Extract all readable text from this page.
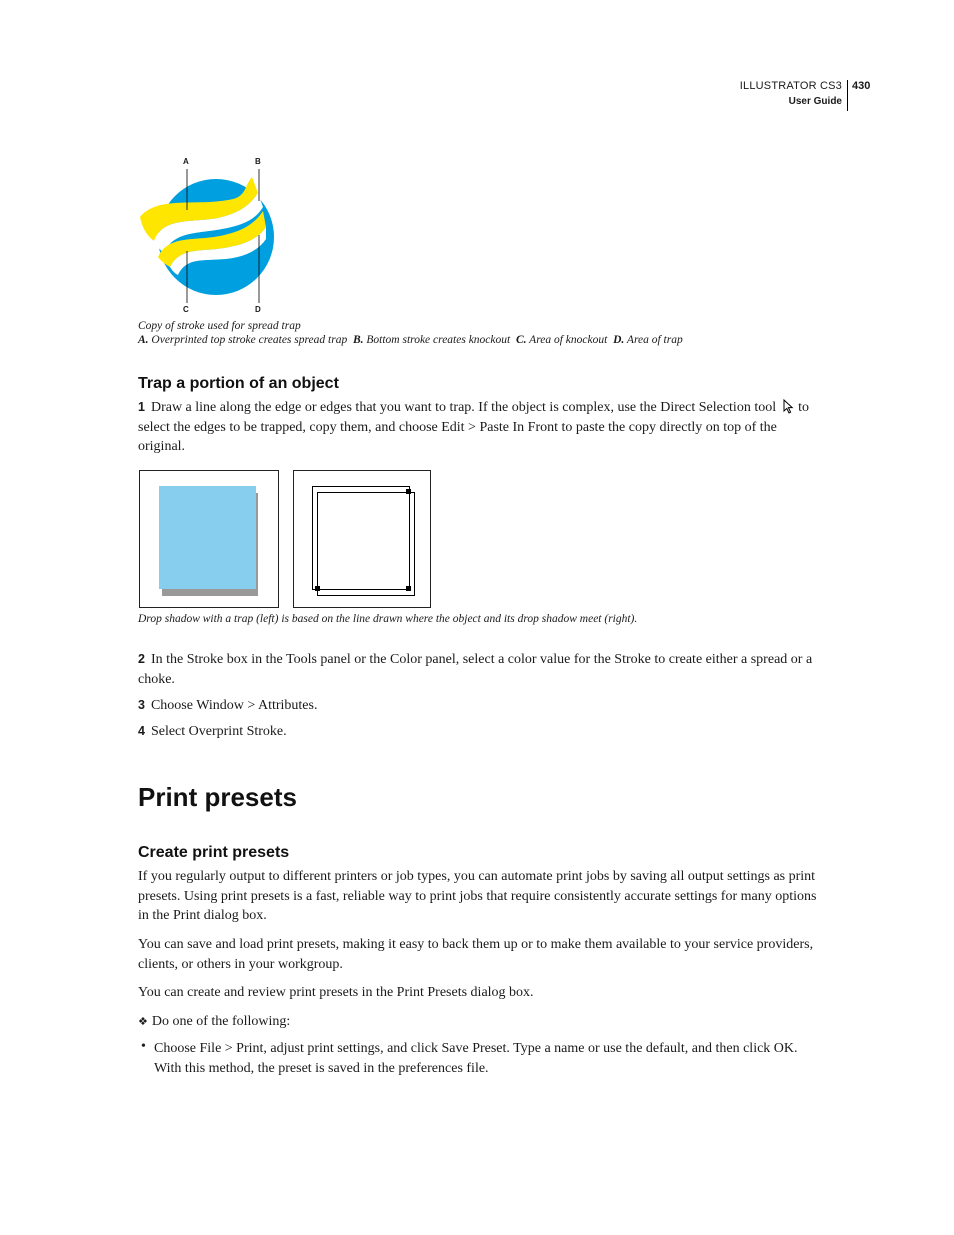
ILLUSTRATOR CS3
User Guide
430
A	B
C	D
Copy of stroke used for spread trap
A. Overprinted top stroke creates spread trap B. Bottom stroke creates knockout C. Area of knockout D. Area of trap
Trap a portion of an object
1 Draw a line along the edge or edges that you want to trap. If the object is complex, use the Direct Selection tool to select the edges to be trapped, copy them, and choose Edit > Paste In Front to paste the copy directly on top of the original.
Drop shadow with a trap (left) is based on the line drawn where the object and its drop shadow meet (right).
2 In the Stroke box in the Tools panel or the Color panel, select a color value for the Stroke to create either a spread or a choke.
3 Choose Window > Attributes.
4 Select Overprint Stroke.
Print presets
Create print presets
If you regularly output to different printers or job types, you can automate print jobs by saving all output settings as print presets. Using print presets is a fast, reliable way to print jobs that require consistently accurate settings for many options in the Print dialog box.
You can save and load print presets, making it easy to back them up or to make them available to your service providers, clients, or others in your workgroup.
You can create and review print presets in the Print Presets dialog box.
❖ Do one of the following:
• Choose File > Print, adjust print settings, and click Save Preset. Type a name or use the default, and then click OK. With this method, the preset is saved in the preferences file.
